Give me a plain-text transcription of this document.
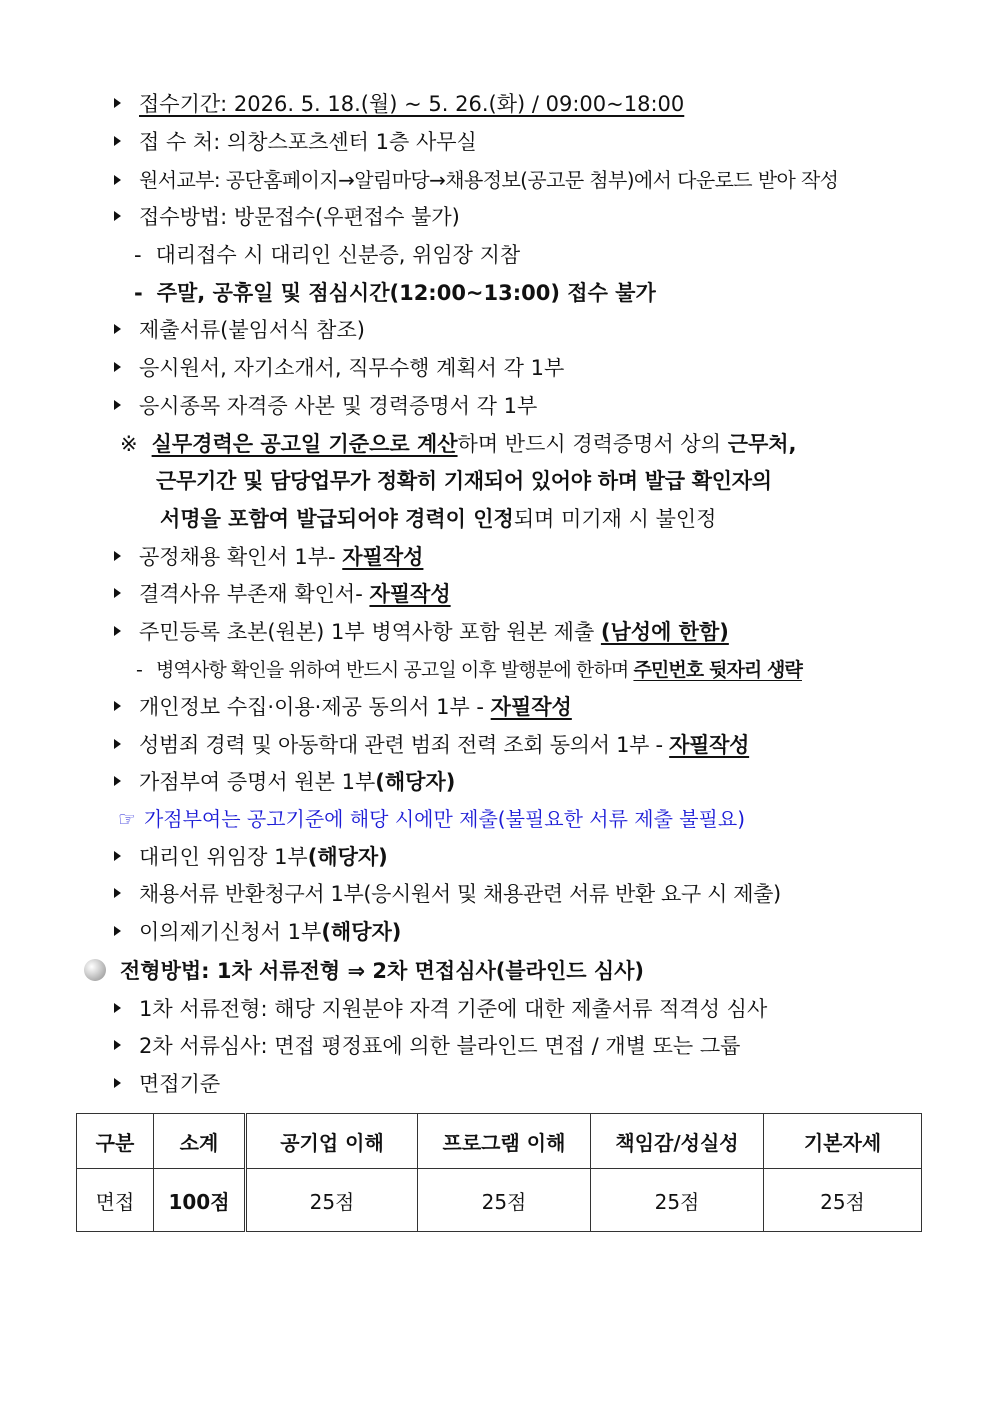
접수기간: 2026. 5. 18.(월) ~ 5. 26.(화) / 09:00~18:00
접 수 처: 의창스포츠센터 1층 사무실
원서교부: 공단홈페이지→알림마당→채용정보(공고문 첨부)에서 다운로드 받아 작성
접수방법: 방문접수(우편접수 불가)
- 대리접수 시 대리인 신분증, 위임장 지참
- 주말, 공휴일 및 점심시간(12:00~13:00) 접수 불가
제출서류(붙임서식 참조)
응시원서, 자기소개서, 직무수행 계획서 각 1부
응시종목 자격증 사본 및 경력증명서 각 1부
※ 실무경력은 공고일 기준으로 계산하며 반드시 경력증명서 상의 근무처,
근무기간 및 담당업무가 정확히 기재되어 있어야 하며 발급 확인자의
서명을 포함여 발급되어야 경력이 인정되며 미기재 시 불인정
공정채용 확인서 1부- 자필작성
결격사유 부존재 확인서- 자필작성
주민등록 초본(원본) 1부 병역사항 포함 원본 제출 (남성에 한함)
- 병역사항 확인을 위하여 반드시 공고일 이후 발행분에 한하며 주민번호 뒷자리 생략
개인정보 수집·이용·제공 동의서 1부 - 자필작성
성범죄 경력 및 아동학대 관련 범죄 전력 조회 동의서 1부 - 자필작성
가점부여 증명서 원본 1부(해당자)
☞ 가점부여는 공고기준에 해당 시에만 제출(불필요한 서류 제출 불필요)
대리인 위임장 1부(해당자)
채용서류 반환청구서 1부(응시원서 및 채용관련 서류 반환 요구 시 제출)
이의제기신청서 1부(해당자)
전형방법: 1차 서류전형 ⇒ 2차 면접심사(블라인드 심사)
1차 서류전형: 해당 지원분야 자격 기준에 대한 제출서류 적격성 심사
2차 서류심사: 면접 평정표에 의한 블라인드 면접 / 개별 또는 그룹
면접기준
구분	소계	공기업 이해	프로그램 이해	책임감/성실성	기본자세
면접	100점	25점	25점	25점	25점
